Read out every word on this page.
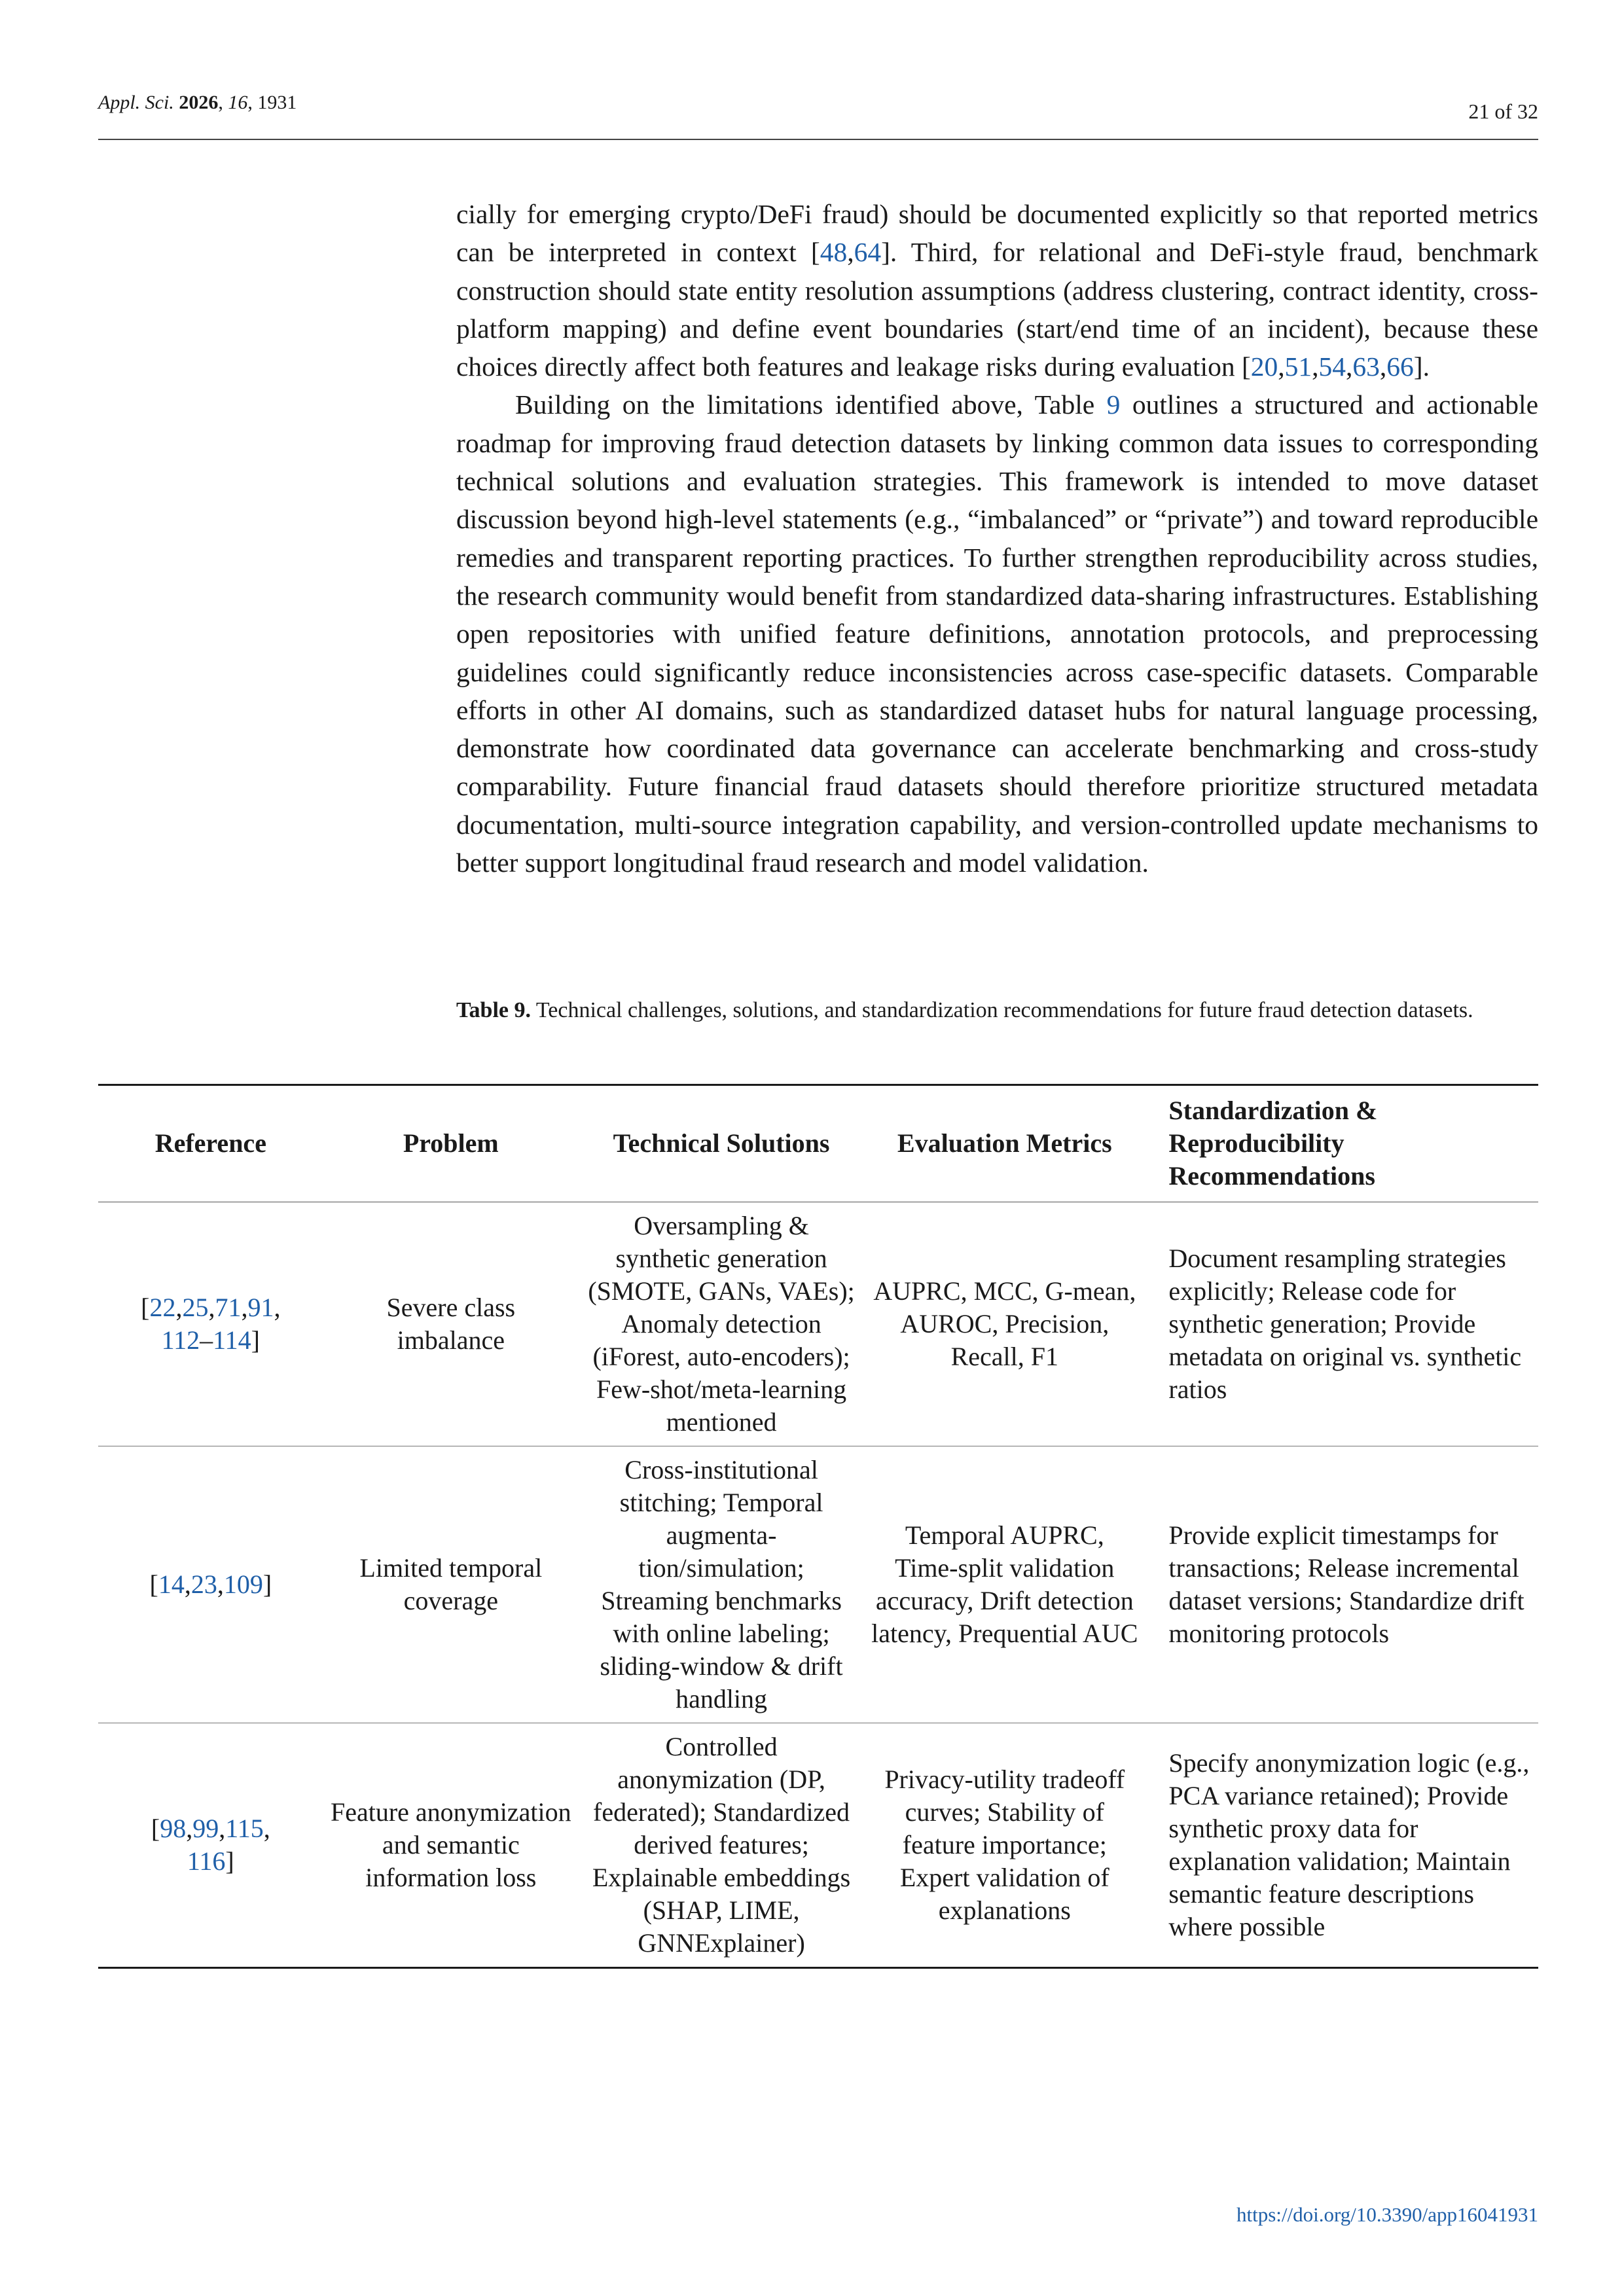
Appl. Sci. 2026, 16, 1931	21 of 32

cially for emerging crypto/DeFi fraud) should be documented explicitly so that reported metrics can be interpreted in context [48,64]. Third, for relational and DeFi-style fraud, benchmark construction should state entity resolution assumptions (address clustering, contract identity, cross-platform mapping) and define event boundaries (start/end time of an incident), because these choices directly affect both features and leakage risks during evaluation [20,51,54,63,66].

Building on the limitations identified above, Table 9 outlines a structured and actionable roadmap for improving fraud detection datasets by linking common data issues to corresponding technical solutions and evaluation strategies. This framework is intended to move dataset discussion beyond high-level statements (e.g., “imbalanced” or “private”) and toward reproducible remedies and transparent reporting practices. To further strengthen reproducibility across studies, the research community would benefit from standardized data-sharing infrastructures. Establishing open repositories with unified feature definitions, annotation protocols, and preprocessing guidelines could significantly reduce inconsistencies across case-specific datasets. Comparable efforts in other AI domains, such as standardized dataset hubs for natural language processing, demonstrate how coordinated data governance can accelerate benchmarking and cross-study comparability. Future financial fraud datasets should therefore prioritize structured metadata documentation, multi-source integration capability, and version-controlled update mechanisms to better support longitudinal fraud research and model validation.

Table 9. Technical challenges, solutions, and standardization recommendations for future fraud detection datasets.
Reference	Problem	Technical Solutions	Evaluation Metrics	Standardization & Reproducibility Recommendations
[22,25,71,91,
112–114]	Severe class imbalance	Oversampling & synthetic generation (SMOTE, GANs, VAEs); Anomaly detection (iForest, auto-encoders); Few-shot/meta-learning mentioned	AUPRC, MCC, G-mean, AUROC, Precision, Recall, F1	Document resampling strategies explicitly; Release code for synthetic generation; Provide metadata on original vs. synthetic ratios
[14,23,109]	Limited temporal coverage	Cross-institutional stitching; Temporal augmenta-tion/simulation; Streaming benchmarks with online labeling; sliding-window & drift handling	Temporal AUPRC, Time-split validation accuracy, Drift detection latency, Prequential AUC	Provide explicit timestamps for transactions; Release incremental dataset versions; Standardize drift monitoring protocols
[98,99,115,
116]	Feature anonymization and semantic information loss	Controlled anonymization (DP, federated); Standardized derived features; Explainable embeddings (SHAP, LIME, GNNExplainer)	Privacy-utility tradeoff curves; Stability of feature importance; Expert validation of explanations	Specify anonymization logic (e.g., PCA variance retained); Provide synthetic proxy data for explanation validation; Maintain semantic feature descriptions where possible
https://doi.org/10.3390/app16041931
